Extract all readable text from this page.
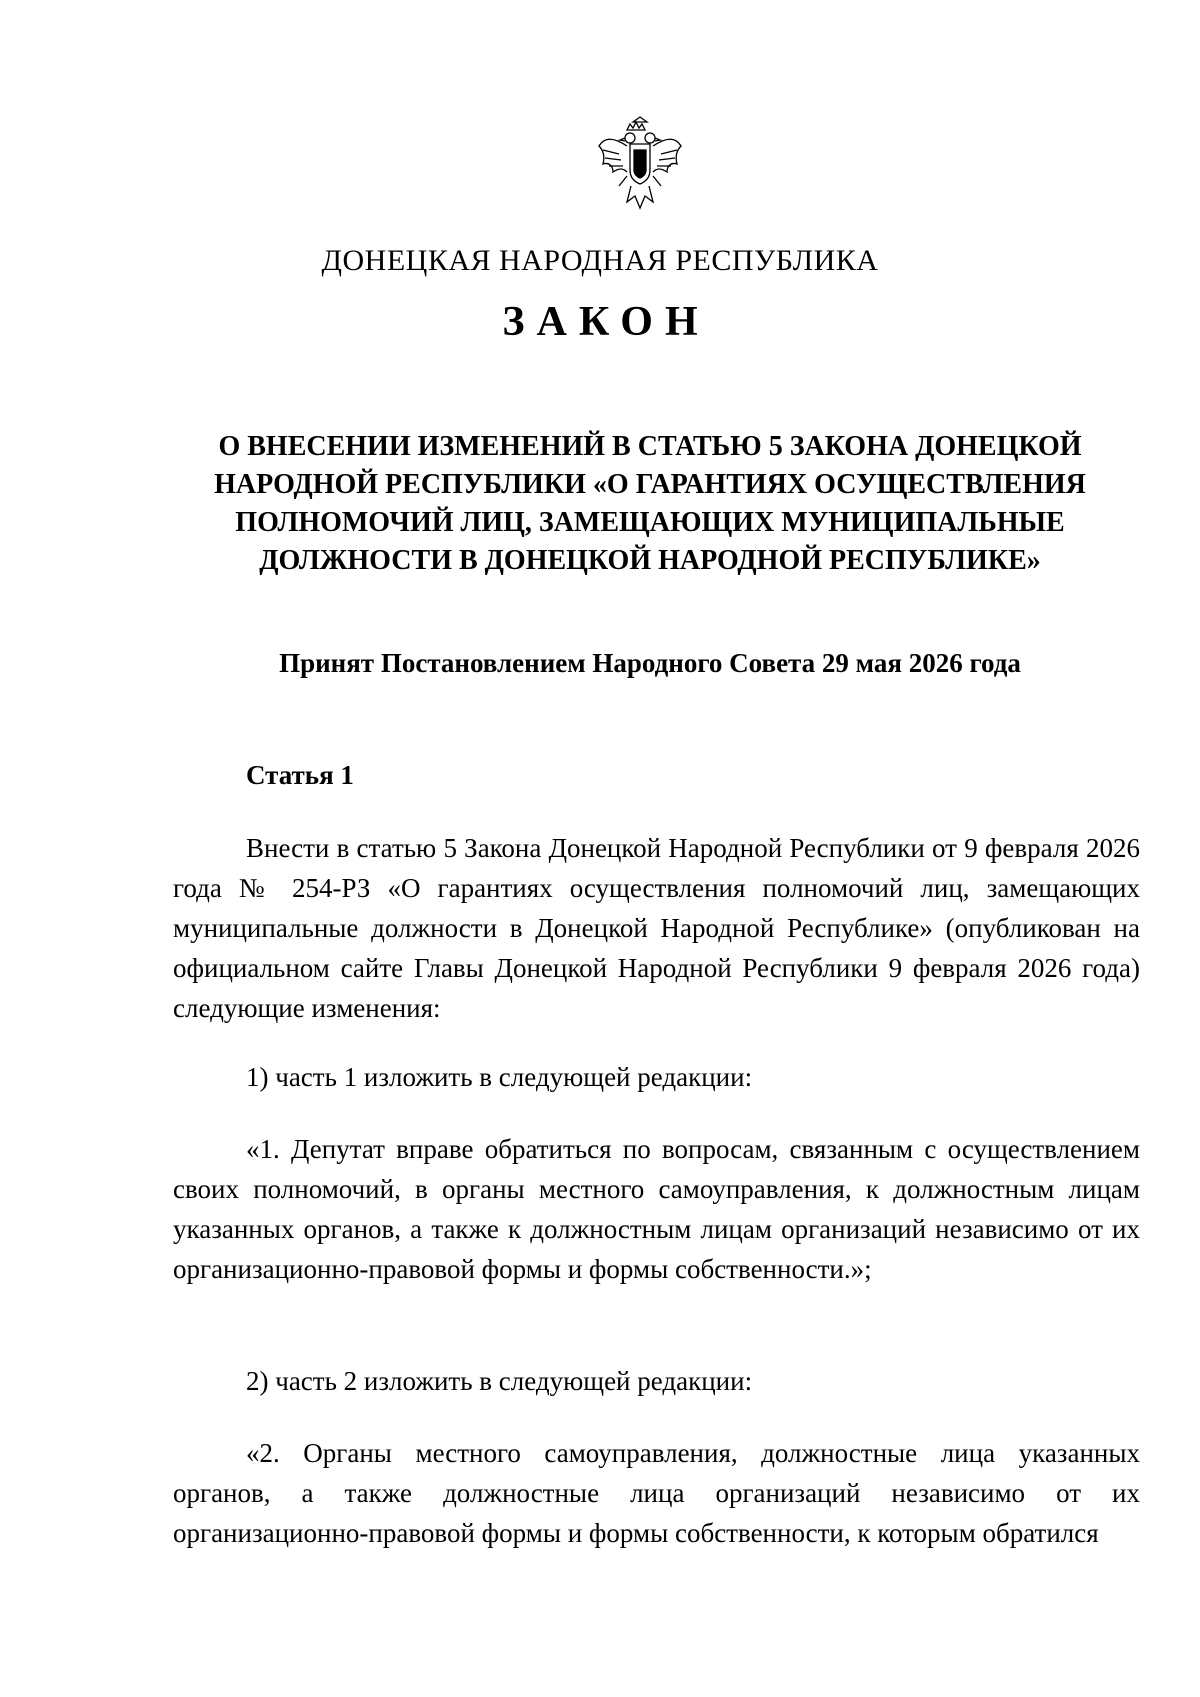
ДОНЕЦКАЯ НАРОДНАЯ РЕСПУБЛИКА
ЗАКОН
О ВНЕСЕНИИ ИЗМЕНЕНИЙ В СТАТЬЮ 5 ЗАКОНА ДОНЕЦКОЙ
НАРОДНОЙ РЕСПУБЛИКИ «О ГАРАНТИЯХ ОСУЩЕСТВЛЕНИЯ
ПОЛНОМОЧИЙ ЛИЦ, ЗАМЕЩАЮЩИХ МУНИЦИПАЛЬНЫЕ
ДОЛЖНОСТИ В ДОНЕЦКОЙ НАРОДНОЙ РЕСПУБЛИКЕ»
Принят Постановлением Народного Совета 29 мая 2026 года
Статья 1
Внести в статью 5 Закона Донецкой Народной Республики от 9 февраля 2026 года № 254-РЗ «О гарантиях осуществления полномочий лиц, замещающих муниципальные должности в Донецкой Народной Республике» (опубликован на официальном сайте Главы Донецкой Народной Республики 9 февраля 2026 года) следующие изменения:
1) часть 1 изложить в следующей редакции:
«1. Депутат вправе обратиться по вопросам, связанным с осуществлением своих полномочий, в органы местного самоуправления, к должностным лицам указанных органов, а также к должностным лицам организаций независимо от их организационно-правовой формы и формы собственности.»;
2) часть 2 изложить в следующей редакции:
«2. Органы местного самоуправления, должностные лица указанных органов, а также должностные лица организаций независимо от их организационно-правовой формы и формы собственности, к которым обратился
